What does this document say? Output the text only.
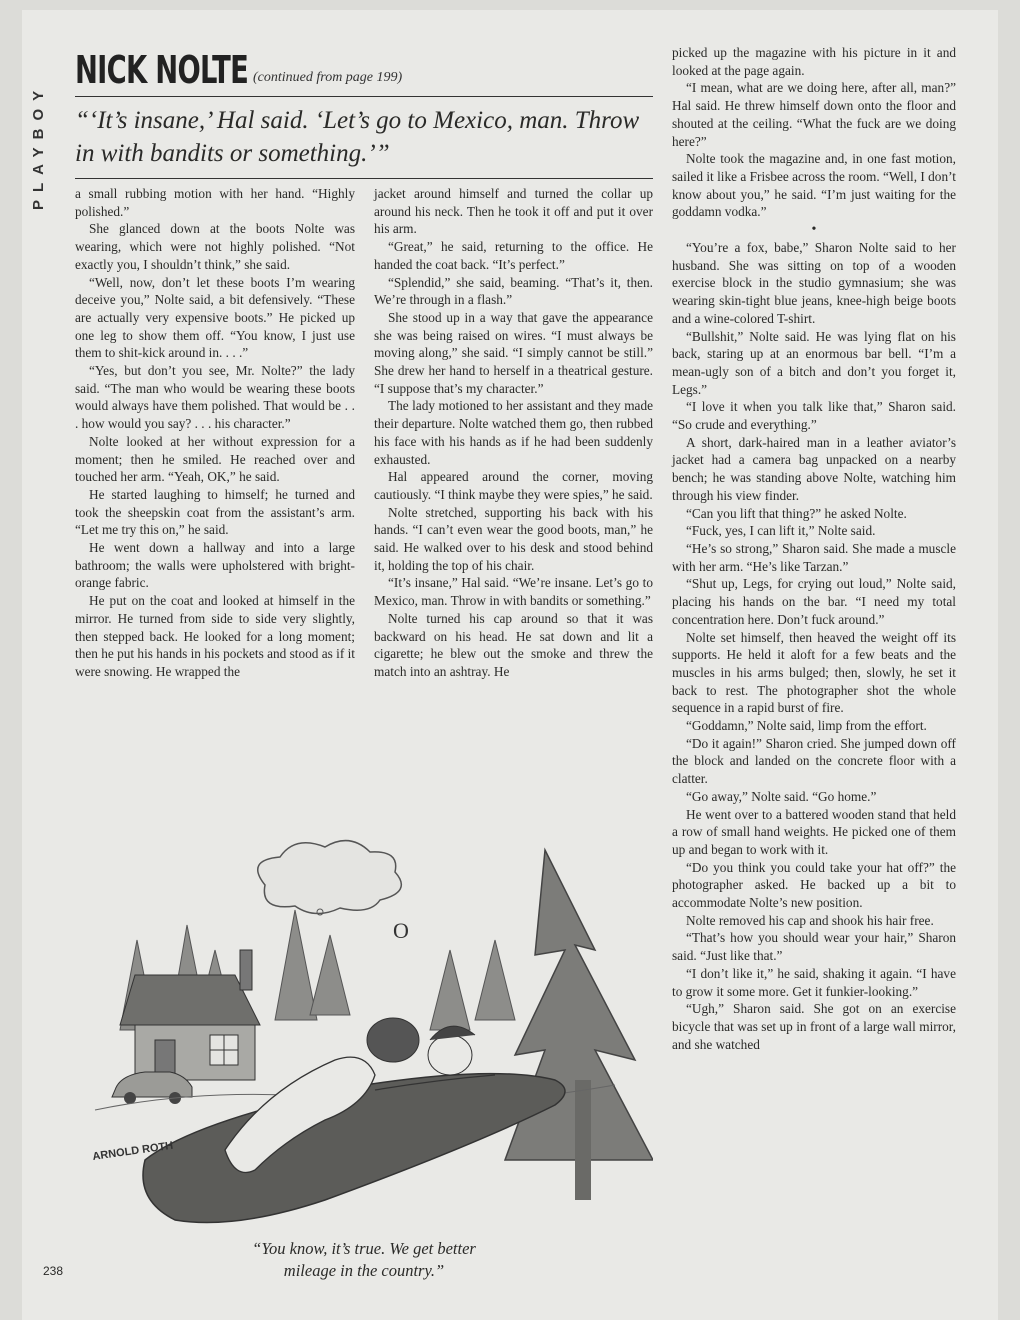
PLAYBOY
NICK NOLTE (continued from page 199)
“‘It’s insane,’ Hal said. ‘Let’s go to Mexico, man. Throw in with bandits or something.’”

a small rubbing motion with her hand. “Highly polished.”

She glanced down at the boots Nolte was wearing, which were not highly polished. “Not exactly you, I shouldn’t think,” she said.

“Well, now, don’t let these boots I’m wearing deceive you,” Nolte said, a bit defensively. “These are actually very expensive boots.” He picked up one leg to show them off. “You know, I just use them to shit-kick around in. . . .”

“Yes, but don’t you see, Mr. Nolte?” the lady said. “The man who would be wearing these boots would always have them polished. That would be . . . how would you say? . . . his character.”

Nolte looked at her without expression for a moment; then he smiled. He reached over and touched her arm. “Yeah, OK,” he said.

He started laughing to himself; he turned and took the sheepskin coat from the assistant’s arm. “Let me try this on,” he said.

He went down a hallway and into a large bathroom; the walls were upholstered with bright-orange fabric.

He put on the coat and looked at himself in the mirror. He turned from side to side very slightly, then stepped back. He looked for a long moment; then he put his hands in his pockets and stood as if it were snowing. He wrapped the

jacket around himself and turned the collar up around his neck. Then he took it off and put it over his arm.

“Great,” he said, returning to the office. He handed the coat back. “It’s perfect.”

“Splendid,” she said, beaming. “That’s it, then. We’re through in a flash.”

She stood up in a way that gave the appearance she was being raised on wires. “I must always be moving along,” she said. “I simply cannot be still.” She drew her hand to herself in a theatrical gesture. “I suppose that’s my character.”

The lady motioned to her assistant and they made their departure. Nolte watched them go, then rubbed his face with his hands as if he had been suddenly exhausted.

Hal appeared around the corner, moving cautiously. “I think maybe they were spies,” he said.

Nolte stretched, supporting his back with his hands. “I can’t even wear the good boots, man,” he said. He walked over to his desk and stood behind it, holding the top of his chair.

“It’s insane,” Hal said. “We’re insane. Let’s go to Mexico, man. Throw in with bandits or something.”

Nolte turned his cap around so that it was backward on his head. He sat down and lit a cigarette; he blew out the smoke and threw the match into an ashtray. He

picked up the magazine with his picture in it and looked at the page again.

“I mean, what are we doing here, after all, man?” Hal said. He threw himself down onto the floor and shouted at the ceiling. “What the fuck are we doing here?”

Nolte took the magazine and, in one fast motion, sailed it like a Frisbee across the room. “Well, I don’t know about you,” he said. “I’m just waiting for the goddamn vodka.”

•

“You’re a fox, babe,” Sharon Nolte said to her husband. She was sitting on top of a wooden exercise block in the studio gymnasium; she was wearing skin-tight blue jeans, knee-high beige boots and a wine-colored T-shirt.

“Bullshit,” Nolte said. He was lying flat on his back, staring up at an enormous bar bell. “I’m a mean-ugly son of a bitch and don’t you forget it, Legs.”

“I love it when you talk like that,” Sharon said. “So crude and everything.”

A short, dark-haired man in a leather aviator’s jacket had a camera bag unpacked on a nearby bench; he was standing above Nolte, watching him through his view finder.

“Can you lift that thing?” he asked Nolte.

“Fuck, yes, I can lift it,” Nolte said.

“He’s so strong,” Sharon said. She made a muscle with her arm. “He’s like Tarzan.”

“Shut up, Legs, for crying out loud,” Nolte said, placing his hands on the bar. “I need my total concentration here. Don’t fuck around.”

Nolte set himself, then heaved the weight off its supports. He held it aloft for a few beats and the muscles in his arms bulged; then, slowly, he set it back to rest. The photographer shot the whole sequence in a rapid burst of fire.

“Goddamn,” Nolte said, limp from the effort.

“Do it again!” Sharon cried. She jumped down off the block and landed on the concrete floor with a clatter.

“Go away,” Nolte said. “Go home.”

He went over to a battered wooden stand that held a row of small hand weights. He picked one of them up and began to work with it.

“Do you think you could take your hat off?” the photographer asked. He backed up a bit to accommodate Nolte’s new position.

Nolte removed his cap and shook his hair free.

“That’s how you should wear your hair,” Sharon said. “Just like that.”

“I don’t like it,” he said, shaking it again. “I have to grow it some more. Get it funkier-looking.”

“Ugh,” Sharon said. She got on an exercise bicycle that was set up in front of a large wall mirror, and she watched

O
ARNOLD ROTH
“You know, it’s true. We get better
mileage in the country.”
238
